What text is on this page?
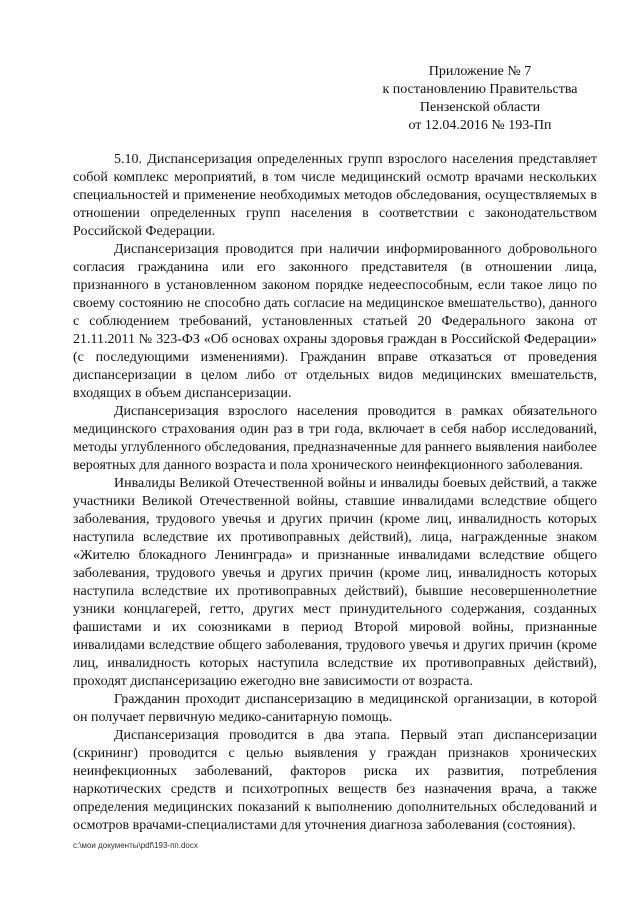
Приложение № 7
к постановлению Правительства
Пензенской области
от 12.04.2016 № 193-Пп

5.10. Диспансеризация определенных групп взрослого населения представляет собой комплекс мероприятий, в том числе медицинский осмотр врачами нескольких специальностей и применение необходимых методов обследования, осуществляемых в отношении определенных групп населения в соответствии с законодательством Российской Федерации.

Диспансеризация проводится при наличии информированного добровольного согласия гражданина или его законного представителя (в отношении лица, признанного в установленном законом порядке недееспособным, если такое лицо по своему состоянию не способно дать согласие на медицинское вмешательство), данного с соблюдением требований, установленных статьей 20 Федерального закона от 21.11.2011 № 323-ФЗ «Об основах охраны здоровья граждан в Российской Федерации» (с последующими изменениями). Гражданин вправе отказаться от проведения диспансеризации в целом либо от отдельных видов медицинских вмешательств, входящих в объем диспансеризации.

Диспансеризация взрослого населения проводится в рамках обязательного медицинского страхования один раз в три года, включает в себя набор исследований, методы углубленного обследования, предназначенные для раннего выявления наиболее вероятных для данного возраста и пола хронического неинфекционного заболевания.

Инвалиды Великой Отечественной войны и инвалиды боевых действий, а также участники Великой Отечественной войны, ставшие инвалидами вследствие общего заболевания, трудового увечья и других причин (кроме лиц, инвалидность которых наступила вследствие их противоправных действий), лица, награжденные знаком «Жителю блокадного Ленинграда» и признанные инвалидами вследствие общего заболевания, трудового увечья и других причин (кроме лиц, инвалидность которых наступила вследствие их противоправных действий), бывшие несовершеннолетние узники концлагерей, гетто, других мест принудительного содержания, созданных фашистами и их союзниками в период Второй мировой войны, признанные инвалидами вследствие общего заболевания, трудового увечья и других причин (кроме лиц, инвалидность которых наступила вследствие их противоправных действий), проходят диспансеризацию ежегодно вне зависимости от возраста.

Гражданин проходит диспансеризацию в медицинской организации, в которой он получает первичную медико-санитарную помощь.

Диспансеризация проводится в два этапа. Первый этап диспансеризации (скрининг) проводится с целью выявления у граждан признаков хронических неинфекционных заболеваний, факторов риска их развития, потребления наркотических средств и психотропных веществ без назначения врача, а также определения медицинских показаний к выполнению дополнительных обследований и осмотров врачами-специалистами для уточнения диагноза заболевания (состояния).

c:\мои документы\pdf\193-пп.docx
